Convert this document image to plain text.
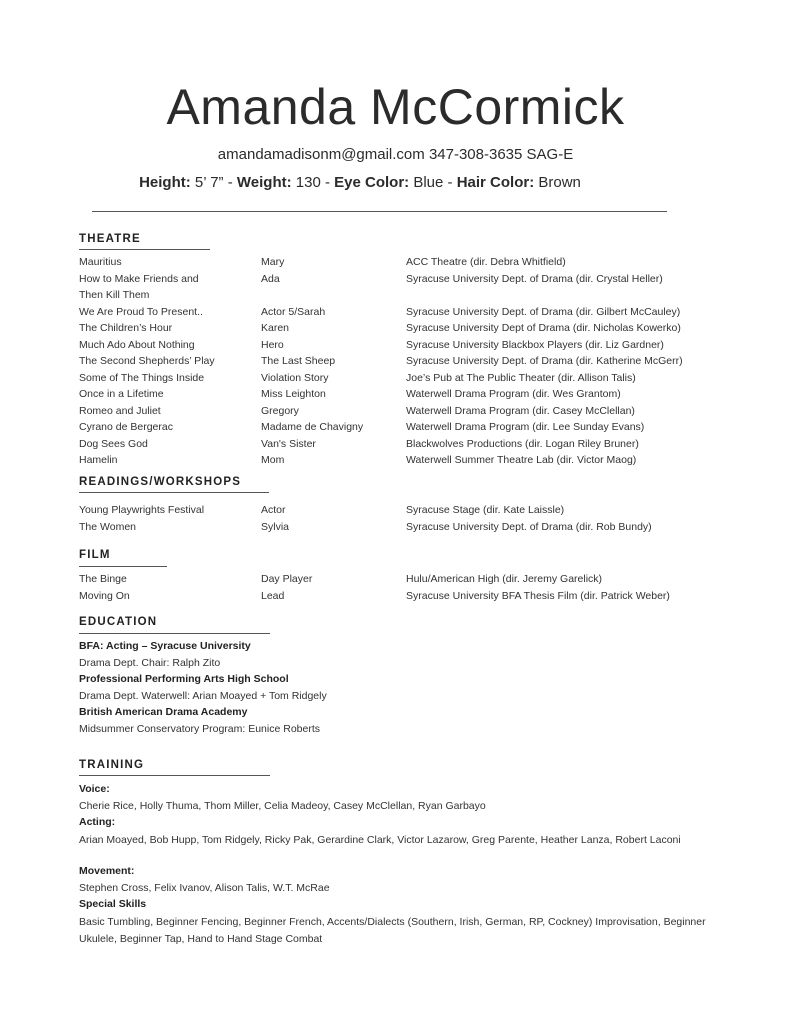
Amanda McCormick

amandamadisonm@gmail.com 347-308-3635 SAG-E

Height: 5’ 7” - Weight: 130 - Eye Color: Blue - Hair Color: Brown

THEATRE
Mauritius	Mary	ACC Theatre (dir. Debra Whitfield)
How to Make Friends and	Ada	Syracuse University Dept. of Drama (dir. Crystal Heller)
Then Kill Them
We Are Proud To Present..	Actor 5/Sarah	Syracuse University Dept. of Drama (dir. Gilbert McCauley)
The Children’s Hour	Karen	Syracuse University Dept of Drama (dir. Nicholas Kowerko)
Much Ado About Nothing	Hero	Syracuse University Blackbox Players (dir. Liz Gardner)
The Second Shepherds’ Play	The Last Sheep	Syracuse University Dept. of Drama (dir. Katherine McGerr)
Some of The Things Inside	Violation Story	Joe’s Pub at The Public Theater (dir. Allison Talis)
Once in a Lifetime	Miss Leighton	Waterwell Drama Program (dir. Wes Grantom)
Romeo and Juliet	Gregory	Waterwell Drama Program (dir. Casey McClellan)
Cyrano de Bergerac	Madame de Chavigny	Waterwell Drama Program (dir. Lee Sunday Evans)
Dog Sees God	Van's Sister	Blackwolves Productions (dir. Logan Riley Bruner)
Hamelin	Mom	Waterwell Summer Theatre Lab (dir. Victor Maog)
READINGS/WORKSHOPS
Young Playwrights Festival	Actor	Syracuse Stage (dir. Kate Laissle)
The Women	Sylvia	Syracuse University Dept. of Drama (dir. Rob Bundy)
FILM
The Binge	Day Player	Hulu/American High (dir. Jeremy Garelick)
Moving On	Lead	Syracuse University BFA Thesis Film (dir. Patrick Weber)
EDUCATION

BFA: Acting – Syracuse University

Drama Dept. Chair: Ralph Zito

Professional Performing Arts High School

Drama Dept. Waterwell: Arian Moayed + Tom Ridgely

British American Drama Academy

Midsummer Conservatory Program: Eunice Roberts

TRAINING

Voice:

Cherie Rice, Holly Thuma, Thom Miller, Celia Madeoy, Casey McClellan, Ryan Garbayo

Acting:

Arian Moayed, Bob Hupp, Tom Ridgely, Ricky Pak, Gerardine Clark, Victor Lazarow, Greg Parente, Heather Lanza, Robert Laconi

Movement:

Stephen Cross, Felix Ivanov, Alison Talis, W.T. McRae

Special Skills

Basic Tumbling, Beginner Fencing, Beginner French, Accents/Dialects (Southern, Irish, German, RP, Cockney) Improvisation, Beginner Ukulele, Beginner Tap, Hand to Hand Stage Combat
